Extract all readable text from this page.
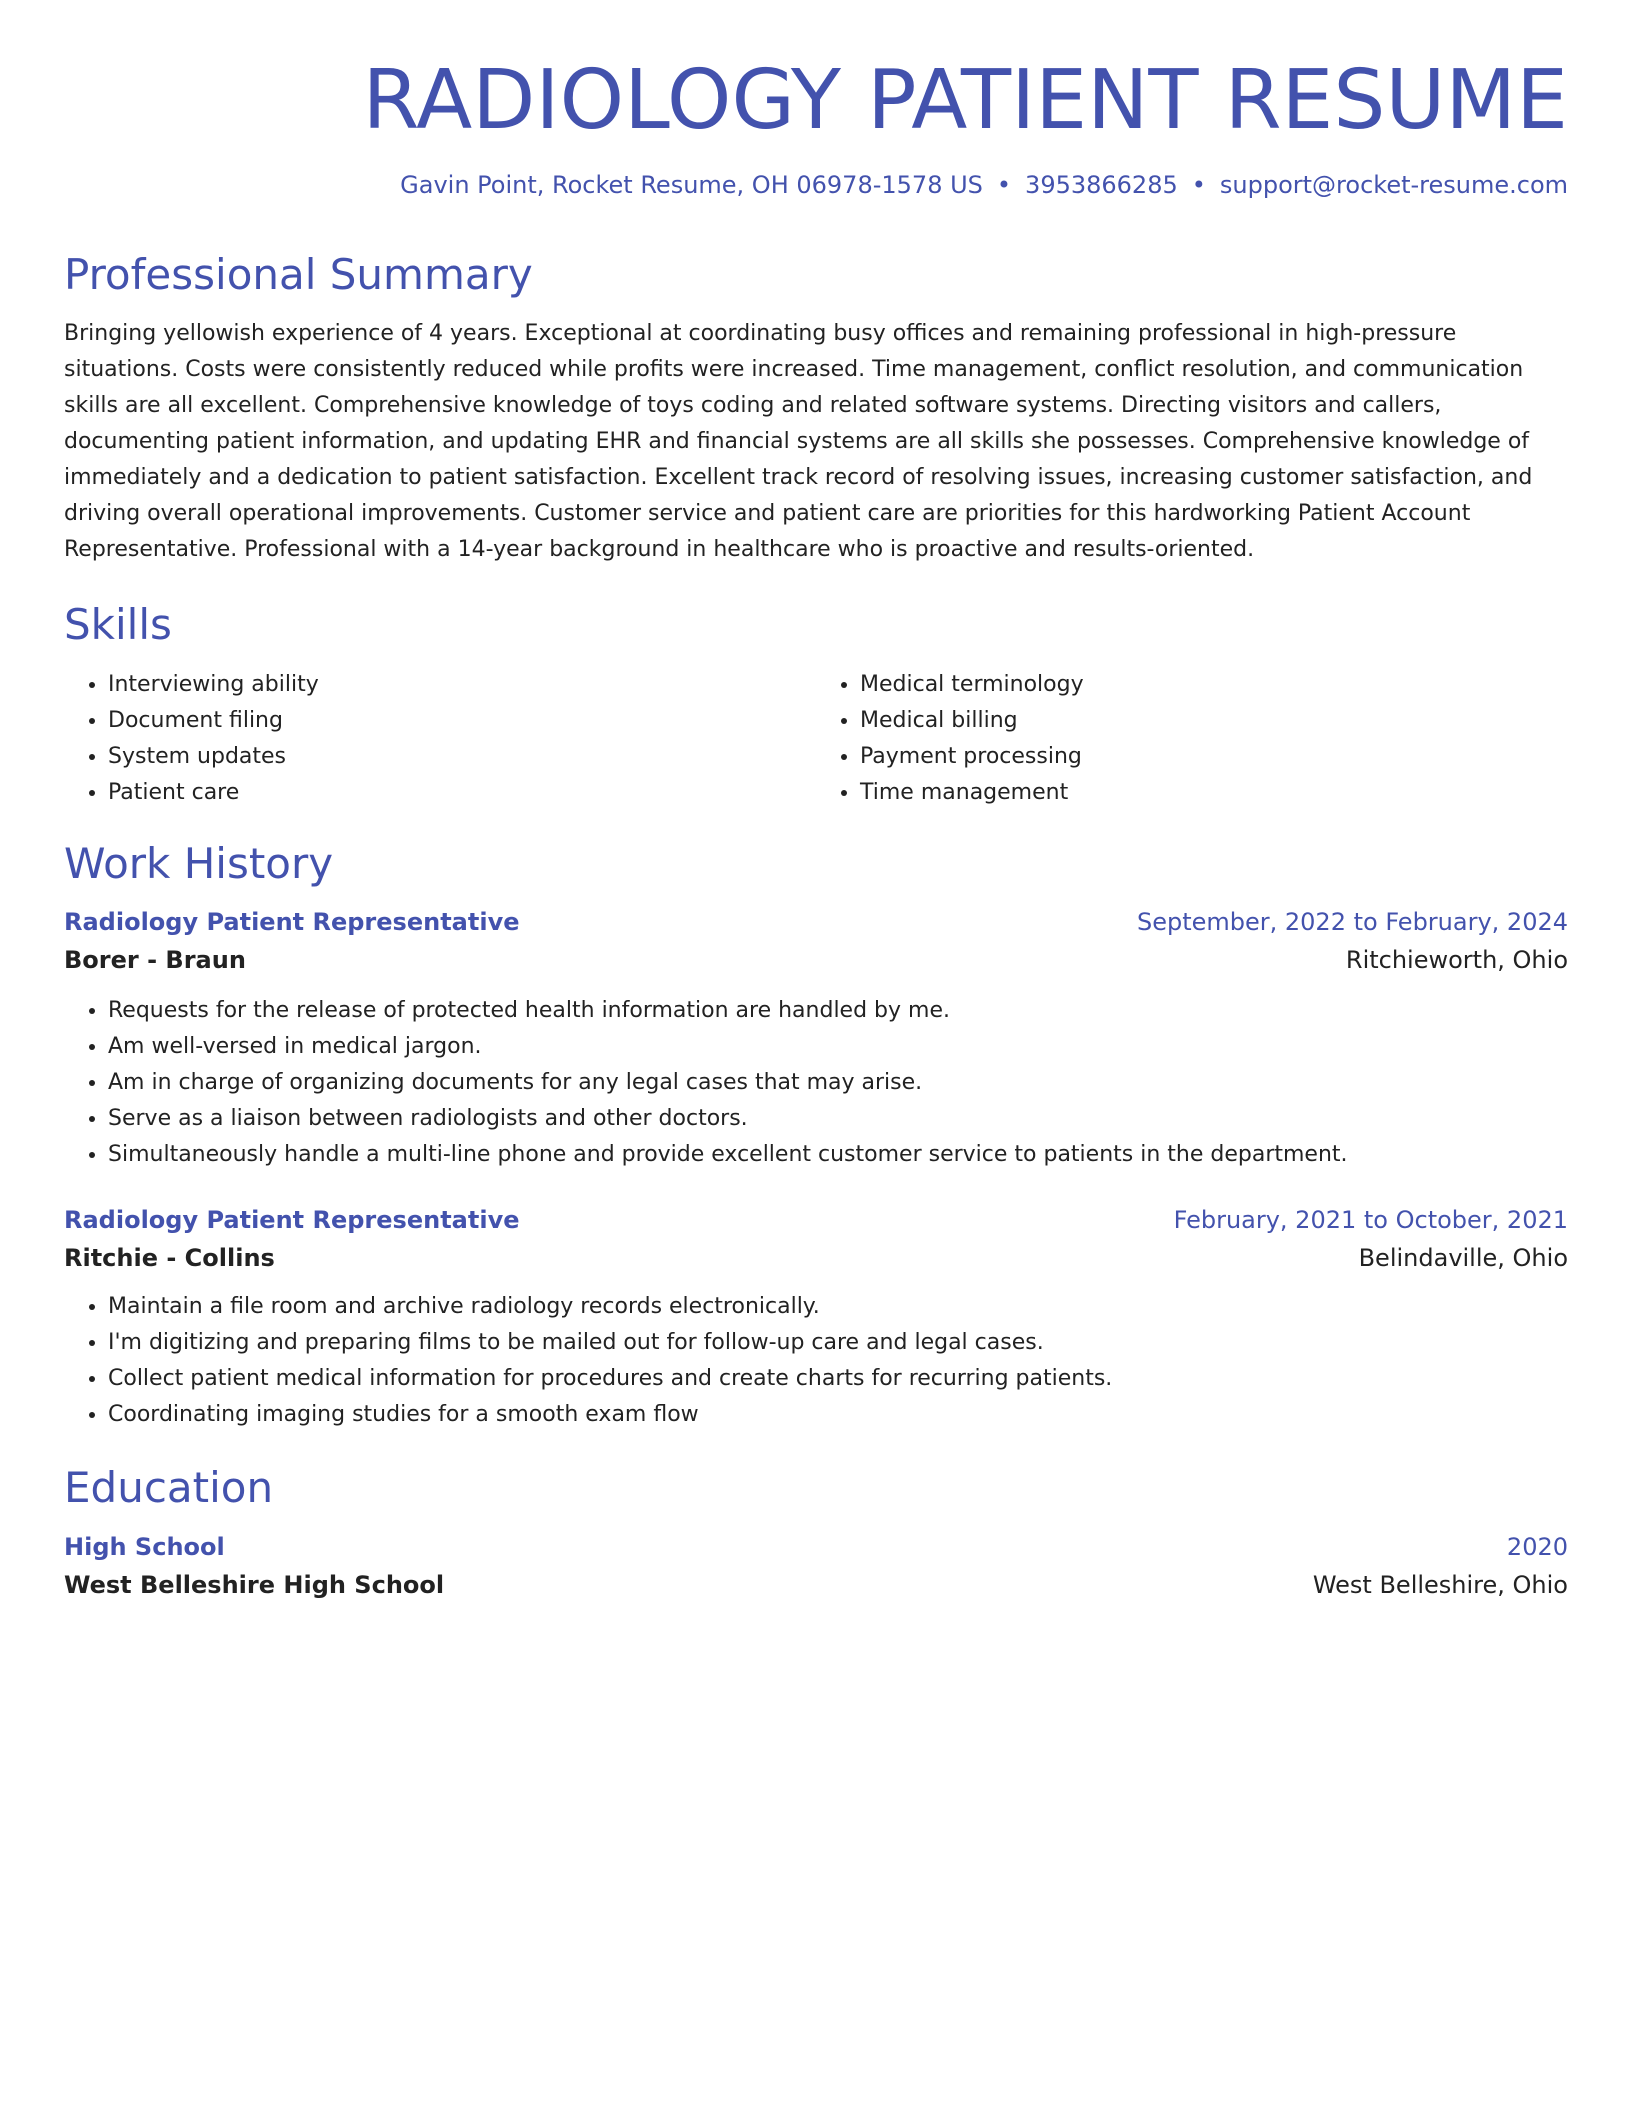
RADIOLOGY PATIENT RESUME
Gavin Point, Rocket Resume, OH 06978-1578 US • 3953866285 • support@rocket-resume.com
Professional Summary

Bringing yellowish experience of 4 years. Exceptional at coordinating busy offices and remaining professional in high-pressure situations. Costs were consistently reduced while profits were increased. Time management, conflict resolution, and communication skills are all excellent. Comprehensive knowledge of toys coding and related software systems. Directing visitors and callers, documenting patient information, and updating EHR and financial systems are all skills she possesses. Comprehensive knowledge of immediately and a dedication to patient satisfaction. Excellent track record of resolving issues, increasing customer satisfaction, and driving overall operational improvements. Customer service and patient care are priorities for this hardworking Patient Account Representative. Professional with a 14-year background in healthcare who is proactive and results-oriented.

Skills
• Interviewing ability
• Document filing
• System updates
• Patient care
• Medical terminology
• Medical billing
• Payment processing
• Time management
Work History
Radiology Patient Representative	September, 2022 to February, 2024
Borer - Braun	Ritchieworth, Ohio
• Requests for the release of protected health information are handled by me.
• Am well-versed in medical jargon.
• Am in charge of organizing documents for any legal cases that may arise.
• Serve as a liaison between radiologists and other doctors.
• Simultaneously handle a multi-line phone and provide excellent customer service to patients in the department.
Radiology Patient Representative	February, 2021 to October, 2021
Ritchie - Collins	Belindaville, Ohio
• Maintain a file room and archive radiology records electronically.
• I'm digitizing and preparing films to be mailed out for follow-up care and legal cases.
• Collect patient medical information for procedures and create charts for recurring patients.
• Coordinating imaging studies for a smooth exam flow
Education
High School	2020
West Belleshire High School	West Belleshire, Ohio
